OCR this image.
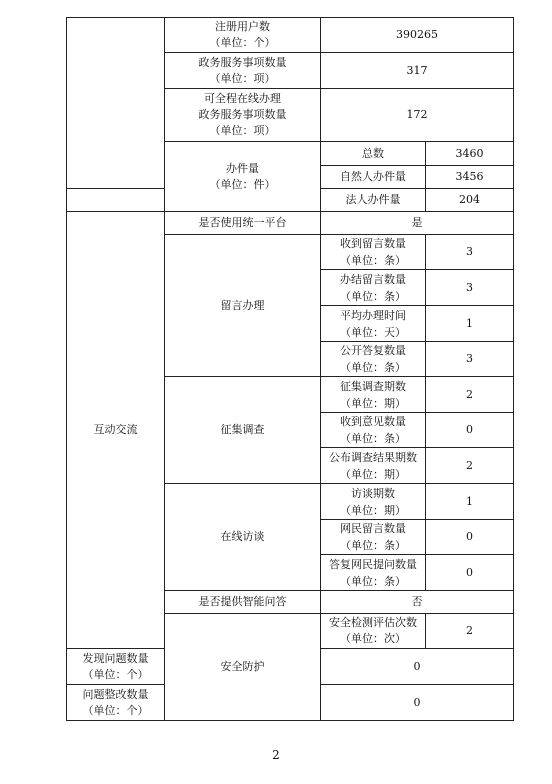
	注册用户数
（单位：个）	390265	

	政务服务事项数量
（单位：项）	317	

	可全程在线办理
政务服务事项数量
（单位：项）	172	

	办件量
（单位：件）	总数	3460
		自然人办件量	3456
		法人办件量	204
互动交流	是否使用统一平台	是	
	留言办理	收到留言数量
（单位：条）	3

		办结留言数量
（单位：条）	3

		平均办理时间
（单位：天）	1

		公开答复数量
（单位：条）	3
	征集调查	征集调查期数
（单位：期）	2

		收到意见数量
（单位：条）	0

		公布调查结果期数
（单位：期）	2
	在线访谈	访谈期数
（单位：期）	1

		网民留言数量
（单位：条）	0

		答复网民提问数量
（单位：条）	0
	是否提供智能问答	否	
	安全防护	安全检测评估次数
（单位：次）	2

发现问题数量
（单位：个）		0	

问题整改数量
（单位：个）		0	
2
